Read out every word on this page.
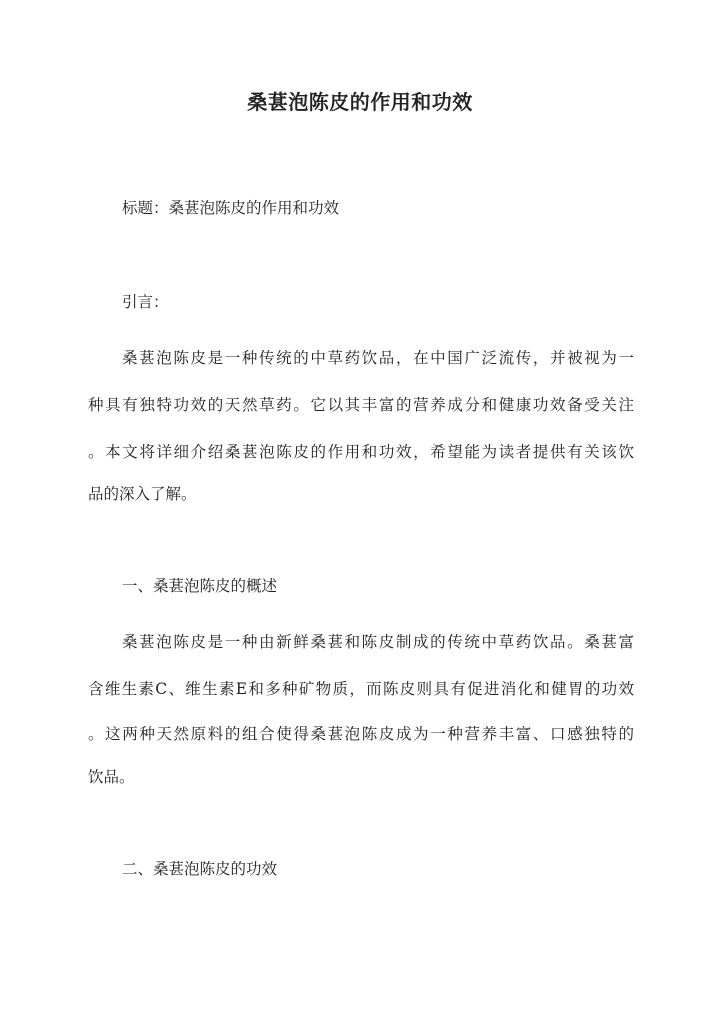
桑葚泡陈皮的作用和功效

标题：桑葚泡陈皮的作用和功效

引言：

桑葚泡陈皮是一种传统的中草药饮品，在中国广泛流传，并被视为一

种具有独特功效的天然草药。它以其丰富的营养成分和健康功效备受关注

。本文将详细介绍桑葚泡陈皮的作用和功效，希望能为读者提供有关该饮

品的深入了解。

一、桑葚泡陈皮的概述

桑葚泡陈皮是一种由新鲜桑葚和陈皮制成的传统中草药饮品。桑葚富

含维生素C、维生素E和多种矿物质，而陈皮则具有促进消化和健胃的功效

。这两种天然原料的组合使得桑葚泡陈皮成为一种营养丰富、口感独特的

饮品。

二、桑葚泡陈皮的功效
